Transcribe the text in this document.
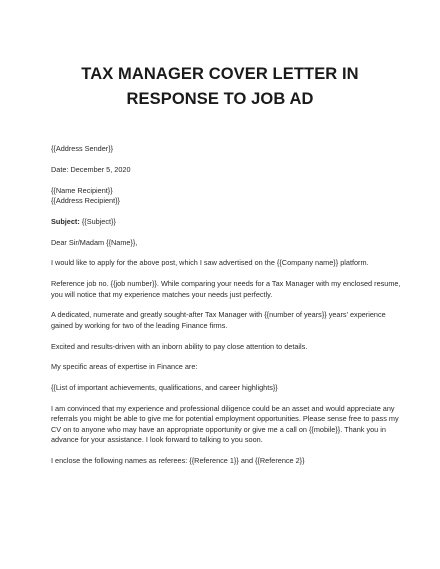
TAX MANAGER COVER LETTER IN
RESPONSE TO JOB AD

{{Address Sender}}

Date: December 5, 2020

{{Name Recipient}}

{{Address Recipient}}

Subject: {{Subject}}

Dear Sir/Madam {{Name}},

I would like to apply for the above post, which I saw advertised on the {{Company name}} platform.

Reference job no. {{job number}}. While comparing your needs for a Tax Manager with my enclosed resume, you will notice that my experience matches your needs just perfectly.

A dedicated, numerate and greatly sought-after Tax Manager with {{number of years}} years' experience gained by working for two of the leading Finance firms.

Excited and results-driven with an inborn ability to pay close attention to details.

My specific areas of expertise in Finance are:

{{List of important achievements, qualifications, and career highlights}}

I am convinced that my experience and professional diligence could be an asset and would appreciate any referrals you might be able to give me for potential employment opportunities. Please sense free to pass my CV on to anyone who may have an appropriate opportunity or give me a call on {{mobile}}. Thank you in advance for your assistance. I look forward to talking to you soon.

I enclose the following names as referees: {{Reference 1}} and {{Reference 2}}
